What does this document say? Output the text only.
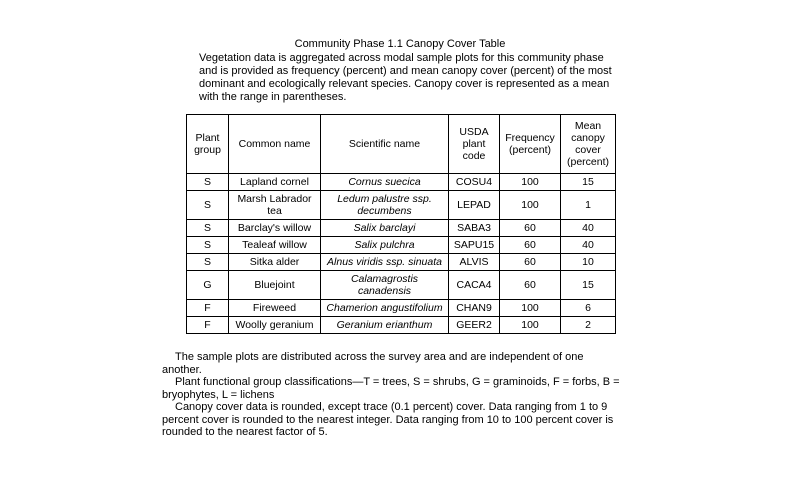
Community Phase 1.1 Canopy Cover Table
Vegetation data is aggregated across modal sample plots for this community phase and is provided as frequency (percent) and mean canopy cover (percent) of the most dominant and ecologically relevant species. Canopy cover is represented as a mean with the range in parentheses.
Plant group	Common name	Scientific name	USDA plant code	Frequency (percent)	Mean canopy cover (percent)
S	Lapland cornel	Cornus suecica	COSU4	100	15
S	Marsh Labrador tea	Ledum palustre ssp. decumbens	LEPAD	100	1
S	Barclay's willow	Salix barclayi	SABA3	60	40
S	Tealeaf willow	Salix pulchra	SAPU15	60	40
S	Sitka alder	Alnus viridis ssp. sinuata	ALVIS	60	10
G	Bluejoint	Calamagrostis canadensis	CACA4	60	15
F	Fireweed	Chamerion angustifolium	CHAN9	100	6
F	Woolly geranium	Geranium erianthum	GEER2	100	2

The sample plots are distributed across the survey area and are independent of one another.

Plant functional group classifications—T = trees, S = shrubs, G = graminoids, F = forbs, B = bryophytes, L = lichens

Canopy cover data is rounded, except trace (0.1 percent) cover. Data ranging from 1 to 9 percent cover is rounded to the nearest integer. Data ranging from 10 to 100 percent cover is rounded to the nearest factor of 5.
